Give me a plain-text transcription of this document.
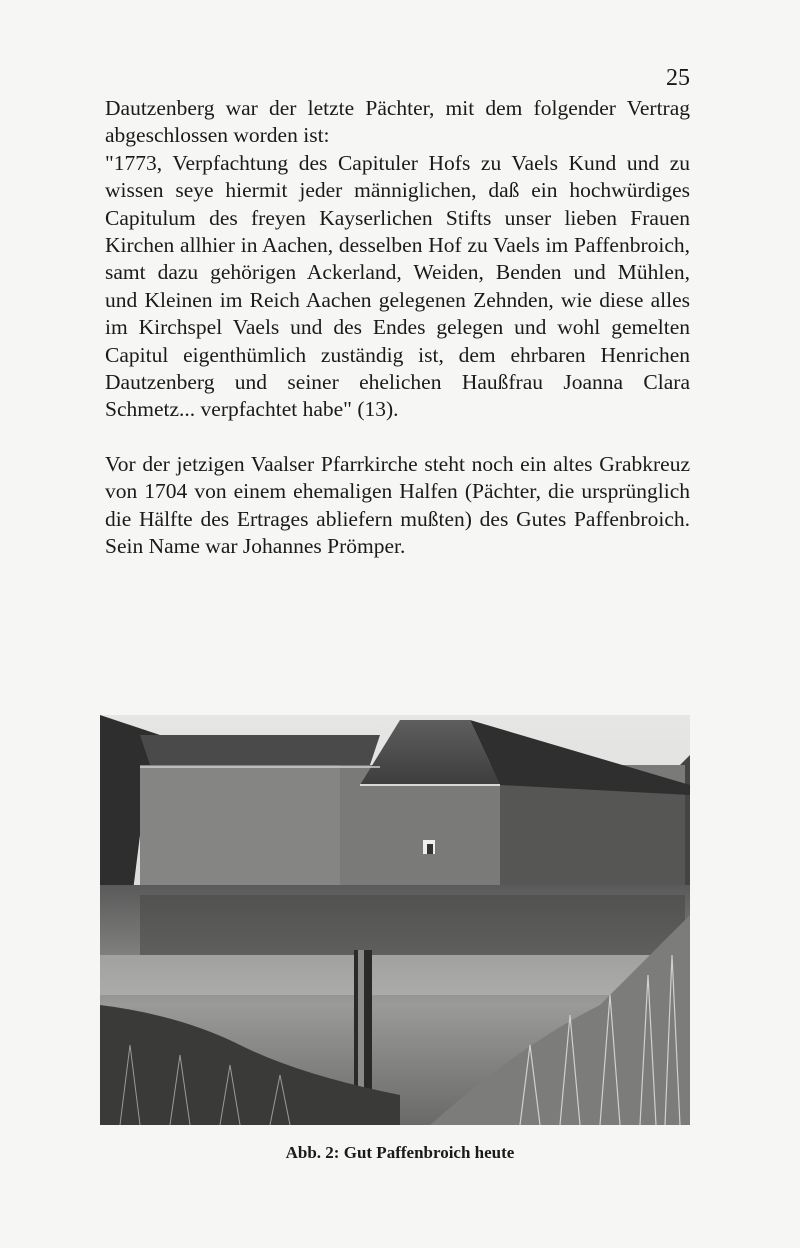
25

Dautzenberg war der letzte Pächter, mit dem folgender Vertrag
abgeschlossen worden ist:
"1773, Verpfachtung des Capituler Hofs zu Vaels Kund und zu
wissen seye hiermit jeder männiglichen, daß ein hochwürdiges
Capitulum des freyen Kayserlichen Stifts unser lieben Frauen
Kirchen allhier in Aachen, desselben Hof zu Vaels im Paffenbroich,
samt dazu gehörigen Ackerland, Weiden, Benden und Mühlen,
und Kleinen im Reich Aachen gelegenen Zehnden, wie diese alles
im Kirchspel Vaels und des Endes gelegen und wohl gemelten
Capitul eigenthümlich zuständig ist, dem ehrbaren Henrichen
Dautzenberg und seiner ehelichen Haußfrau Joanna Clara
Schmetz... verpfachtet habe" (13).

Vor der jetzigen Vaalser Pfarrkirche steht noch ein altes Grabkreuz
von 1704 von einem ehemaligen Halfen (Pächter, die ursprünglich
die Hälfte des Ertrages abliefern mußten) des Gutes Paffenbroich.
Sein Name war Johannes Prömper.

Abb. 2: Gut Paffenbroich heute
